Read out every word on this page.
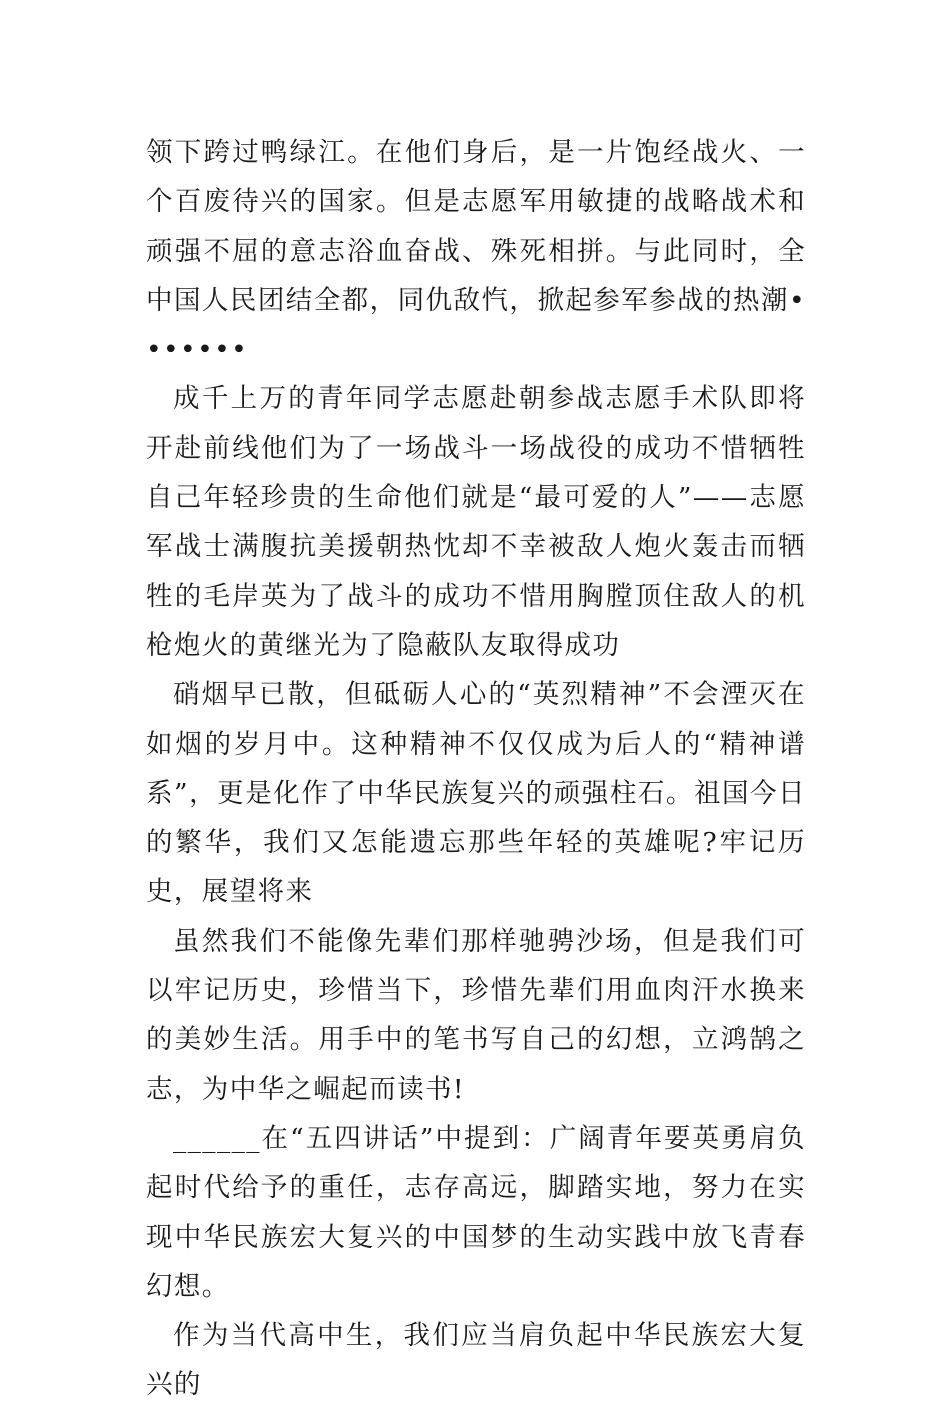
领下跨过鸭绿江。在他们身后，是一片饱经战火、一个百废待兴的国家。但是志愿军用敏捷的战略战术和顽强不屈的意志浴血奋战、殊死相拼。与此同时，全中国人民团结全都，同仇敌忾，掀起参军参战的热潮•••••••

成千上万的青年同学志愿赴朝参战志愿手术队即将开赴前线他们为了一场战斗一场战役的成功不惜牺牲自己年轻珍贵的生命他们就是“最可爱的人”——志愿军战士满腹抗美援朝热忱却不幸被敌人炮火轰击而牺牲的毛岸英为了战斗的成功不惜用胸膛顶住敌人的机枪炮火的黄继光为了隐蔽队友取得成功

硝烟早已散，但砥砺人心的“英烈精神”不会湮灭在如烟的岁月中。这种精神不仅仅成为后人的“精神谱系”，更是化作了中华民族复兴的顽强柱石。祖国今日的繁华，我们又怎能遗忘那些年轻的英雄呢?牢记历史，展望将来

虽然我们不能像先辈们那样驰骋沙场，但是我们可以牢记历史，珍惜当下，珍惜先辈们用血肉汗水换来的美妙生活。用手中的笔书写自己的幻想，立鸿鹄之志，为中华之崛起而读书!

______在“五四讲话”中提到：广阔青年要英勇肩负起时代给予的重任，志存高远，脚踏实地，努力在实现中华民族宏大复兴的中国梦的生动实践中放飞青春幻想。

作为当代高中生，我们应当肩负起中华民族宏大复兴的
